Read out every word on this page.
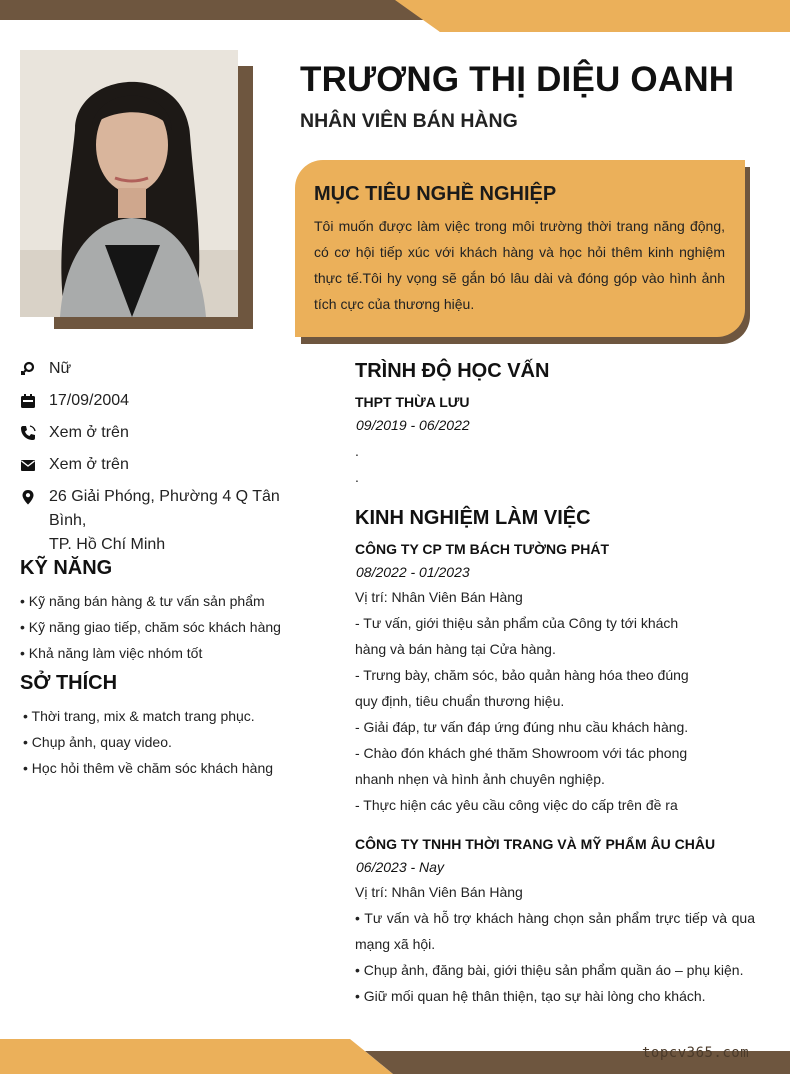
TRƯƠNG THỊ DIỆU OANH
NHÂN VIÊN BÁN HÀNG
MỤC TIÊU NGHỀ NGHIỆP
Tôi muốn được làm việc trong môi trường thời trang năng động, có cơ hội tiếp xúc với khách hàng và học hỏi thêm kinh nghiệm thực tế.Tôi hy vọng sẽ gắn bó lâu dài và đóng góp vào hình ảnh tích cực của thương hiệu.
Nữ
17/09/2004
Xem ở trên
Xem ở trên
26 Giải Phóng, Phường 4 Q Tân Bình,
TP. Hồ Chí Minh
KỸ NĂNG
• Kỹ năng bán hàng & tư vấn sản phẩm
• Kỹ năng giao tiếp, chăm sóc khách hàng
• Khả năng làm việc nhóm tốt
SỞ THÍCH
• Thời trang, mix & match trang phục.
• Chụp ảnh, quay video.
• Học hỏi thêm về chăm sóc khách hàng
TRÌNH ĐỘ HỌC VẤN
THPT THỪA LƯU
09/2019 - 06/2022
.
.
KINH NGHIỆM LÀM VIỆC
CÔNG TY CP TM BÁCH TƯỜNG PHÁT
08/2022 - 01/2023
Vị trí: Nhân Viên Bán Hàng
- Tư vấn, giới thiệu sản phẩm của Công ty tới khách
hàng và bán hàng tại Cửa hàng.
- Trưng bày, chăm sóc, bảo quản hàng hóa theo đúng
quy định, tiêu chuẩn thương hiệu.
- Giải đáp, tư vấn đáp ứng đúng nhu cầu khách hàng.
- Chào đón khách ghé thăm Showroom với tác phong
nhanh nhẹn và hình ảnh chuyên nghiệp.
- Thực hiện các yêu cầu công việc do cấp trên đề ra
CÔNG TY TNHH THỜI TRANG VÀ MỸ PHẨM ÂU CHÂU
06/2023 - Nay
Vị trí: Nhân Viên Bán Hàng
• Tư vấn và hỗ trợ khách hàng chọn sản phẩm trực tiếp và qua mạng xã hội.
• Chụp ảnh, đăng bài, giới thiệu sản phẩm quần áo – phụ kiện.
• Giữ mối quan hệ thân thiện, tạo sự hài lòng cho khách.
topcv365.com
